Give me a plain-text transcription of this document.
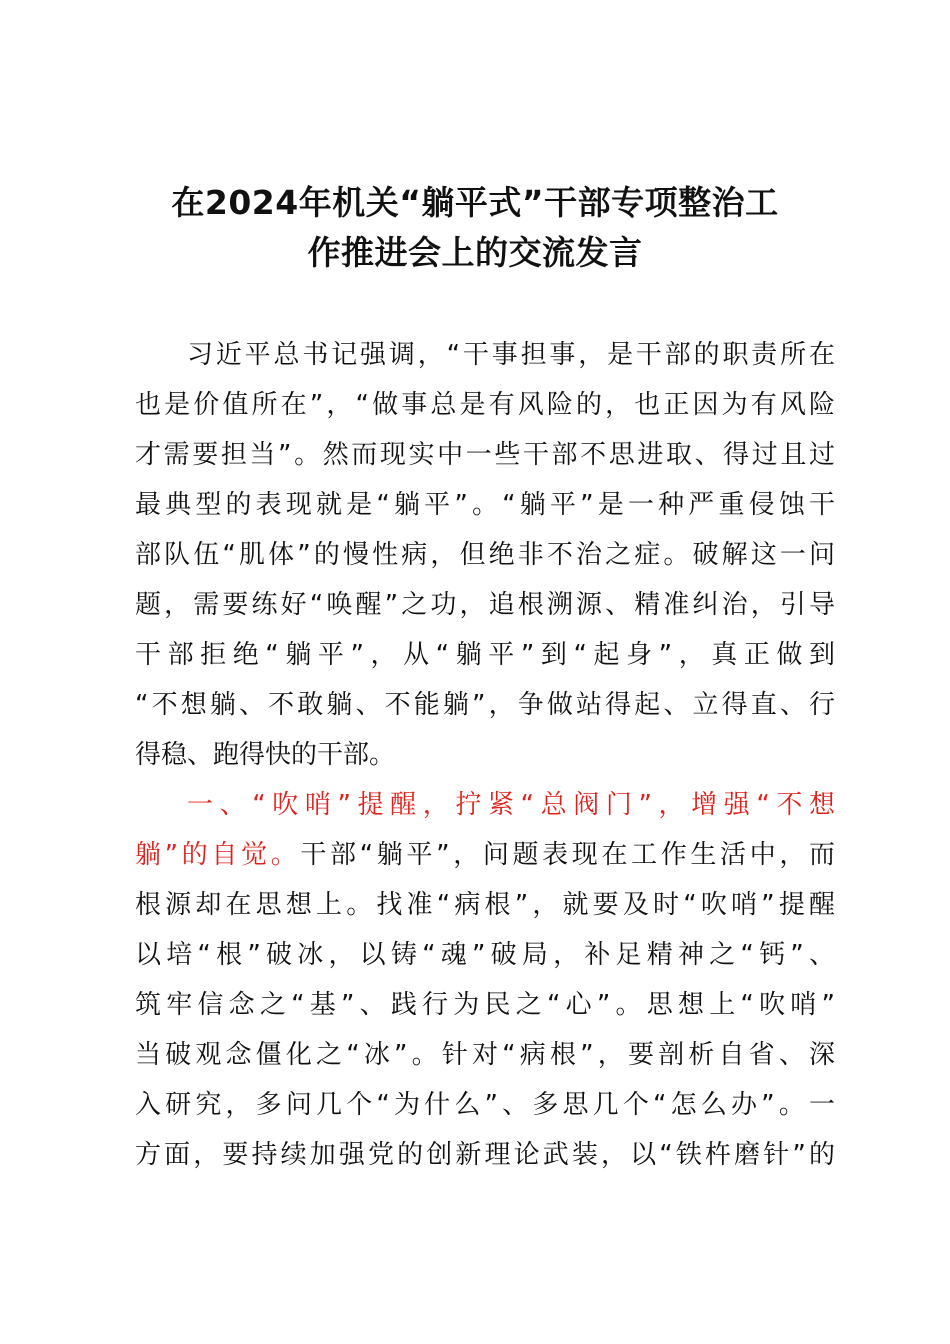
在2024年机关“躺平式”干部专项整治工
作推进会上的交流发言
习近平总书记强调，“干事担事，是干部的职责所在
也是价值所在”，“做事总是有风险的，也正因为有风险
才需要担当”。然而现实中一些干部不思进取、得过且过
最典型的表现就是“躺平”。“躺平”是一种严重侵蚀干
部队伍“肌体”的慢性病，但绝非不治之症。破解这一问
题，需要练好“唤醒”之功，追根溯源、精准纠治，引导
干部拒绝“躺平”，从“躺平”到“起身”，真正做到
“不想躺、不敢躺、不能躺”，争做站得起、立得直、行
得稳、跑得快的干部。
一、“吹哨”提醒，拧紧“总阀门”，增强“不想
躺”的自觉。干部“躺平”，问题表现在工作生活中，而
根源却在思想上。找准“病根”，就要及时“吹哨”提醒
以培“根”破冰，以铸“魂”破局，补足精神之“钙”、
筑牢信念之“基”、践行为民之“心”。思想上“吹哨”
当破观念僵化之“冰”。针对“病根”，要剖析自省、深
入研究，多问几个“为什么”、多思几个“怎么办”。一
方面，要持续加强党的创新理论武装，以“铁杵磨针”的
